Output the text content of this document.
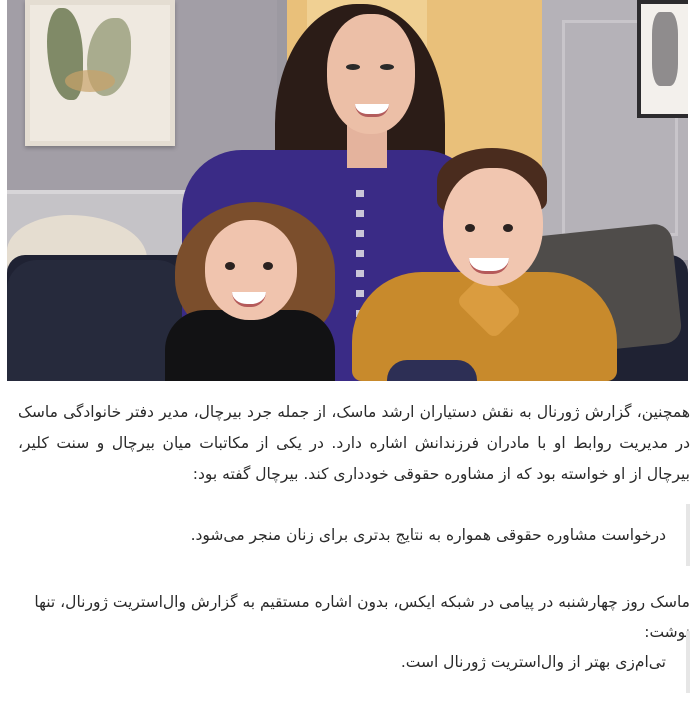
همچنین، گزارش ژورنال به نقش دستیاران ارشد ماسک، از جمله جرد بیرچال، مدیر دفتر خانوادگی ماسک در مدیریت روابط او با مادران فرزندانش اشاره دارد. در یکی از مکاتبات میان بیرچال و سنت کلیر، بیرچال از او خواسته بود که از مشاوره حقوقی خودداری کند. بیرچال گفته بود:

درخواست مشاوره حقوقی همواره به نتایج بدتری برای زنان منجر می‌شود.

ماسک روز چهارشنبه در پیامی در شبکه ایکس، بدون اشاره مستقیم به گزارش وال‌استریت ژورنال، تنها نوشت:

تی‌ام‌زی بهتر از وال‌استریت ژورنال است.
